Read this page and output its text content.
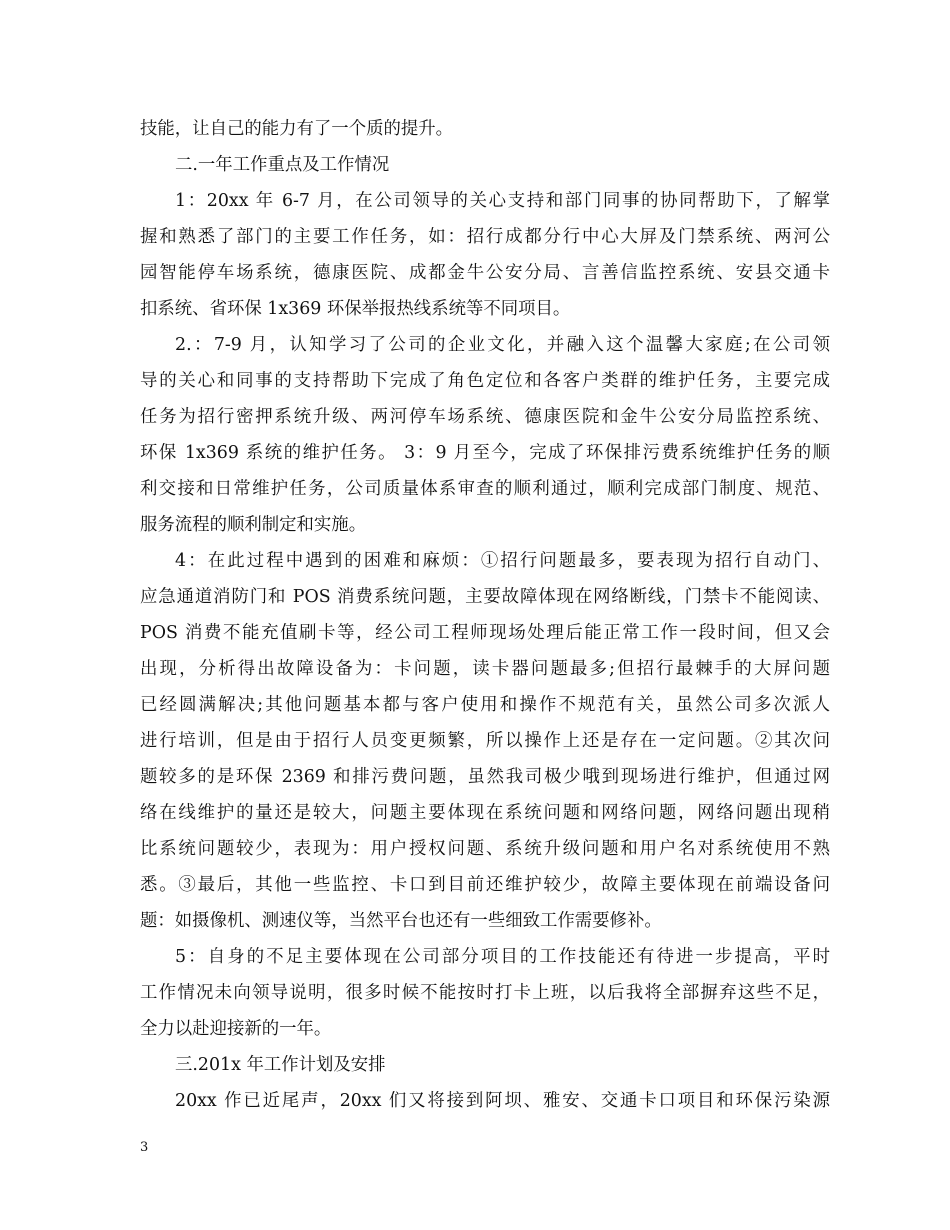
技能，让自己的能力有了一个质的提升。
二.一年工作重点及工作情况
1：20xx 年 6-7 月，在公司领导的关心支持和部门同事的协同帮助下，了解掌
握和熟悉了部门的主要工作任务，如：招行成都分行中心大屏及门禁系统、两河公
园智能停车场系统，德康医院、成都金牛公安分局、言善信监控系统、安县交通卡
扣系统、省环保 1x369 环保举报热线系统等不同项目。
2.：7-9 月，认知学习了公司的企业文化，并融入这个温馨大家庭;在公司领
导的关心和同事的支持帮助下完成了角色定位和各客户类群的维护任务，主要完成
任务为招行密押系统升级、两河停车场系统、德康医院和金牛公安分局监控系统、
环保 1x369 系统的维护任务。 3：9 月至今，完成了环保排污费系统维护任务的顺
利交接和日常维护任务，公司质量体系审查的顺利通过，顺利完成部门制度、规范、
服务流程的顺利制定和实施。
4：在此过程中遇到的困难和麻烦：①招行问题最多，要表现为招行自动门、
应急通道消防门和 POS 消费系统问题，主要故障体现在网络断线，门禁卡不能阅读、
POS 消费不能充值刷卡等，经公司工程师现场处理后能正常工作一段时间，但又会
出现，分析得出故障设备为：卡问题，读卡器问题最多;但招行最棘手的大屏问题
已经圆满解决;其他问题基本都与客户使用和操作不规范有关，虽然公司多次派人
进行培训，但是由于招行人员变更频繁，所以操作上还是存在一定问题。②其次问
题较多的是环保 2369 和排污费问题，虽然我司极少哦到现场进行维护，但通过网
络在线维护的量还是较大，问题主要体现在系统问题和网络问题，网络问题出现稍
比系统问题较少，表现为：用户授权问题、系统升级问题和用户名对系统使用不熟
悉。③最后，其他一些监控、卡口到目前还维护较少，故障主要体现在前端设备问
题：如摄像机、测速仪等，当然平台也还有一些细致工作需要修补。
5：自身的不足主要体现在公司部分项目的工作技能还有待进一步提高，平时
工作情况未向领导说明，很多时候不能按时打卡上班，以后我将全部摒弃这些不足，
全力以赴迎接新的一年。
三.201x 年工作计划及安排
20xx 作已近尾声，20xx 们又将接到阿坝、雅安、交通卡口项目和环保污染源
3
